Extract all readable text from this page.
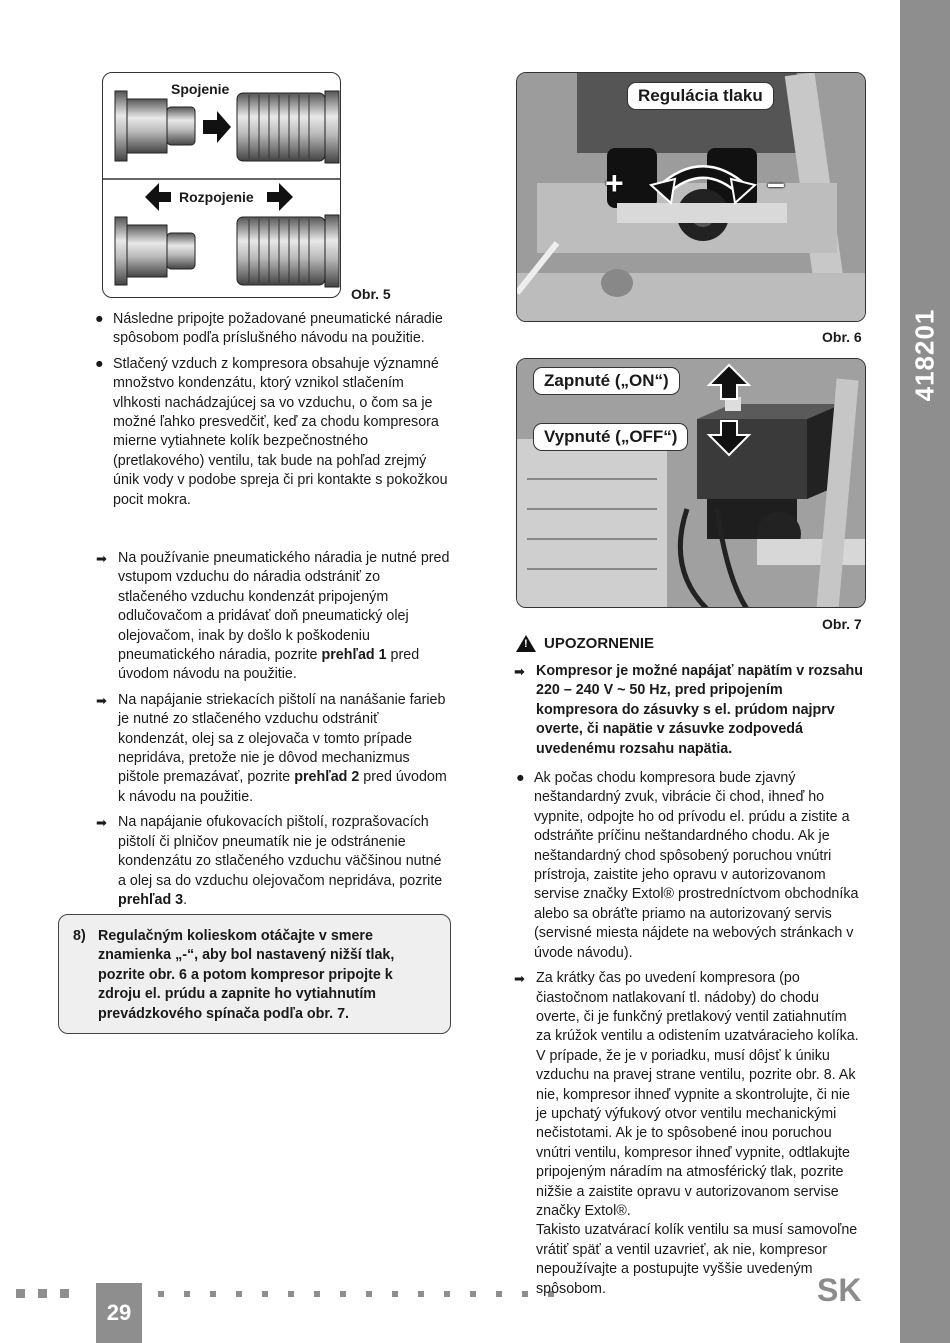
418201
SK
29
Spojenie
Rozpojenie
Obr. 5
Regulácia tlaku
+	–
Obr. 6
Zapnuté („ON“)
Vypnuté („OFF“)
Obr. 7
● Následne pripojte požadované pneumatické náradie spôsobom podľa príslušného návodu na použitie.
● Stlačený vzduch z kompresora obsahuje významné množstvo kondenzátu, ktorý vznikol stlačením vlhkosti nachádzajúcej sa vo vzduchu, o čom sa je možné ľahko presvedčiť, keď za chodu kompresora mierne vytiahnete kolík bezpečnostného (pretlakového) ventilu, tak bude na pohľad zrejmý únik vody v podobe spreja či pri kontakte s pokožkou pocit mokra.
➡ Na používanie pneumatického náradia je nutné pred vstupom vzduchu do náradia odstrániť zo stlačeného vzduchu kondenzát pripojeným odlučovačom a pridávať doň pneumatický olej olejovačom, inak by došlo k poškodeniu pneumatického náradia, pozrite prehľad 1 pred úvodom návodu na použitie.
➡ Na napájanie striekacích pištolí na nanášanie farieb je nutné zo stlačeného vzduchu odstrániť kondenzát, olej sa z olejovača v tomto prípade nepridáva, pretože nie je dôvod mechanizmus pištole premazávať, pozrite prehľad 2 pred úvodom k návodu na použitie.
➡ Na napájanie ofukovacích pištolí, rozprašovacích pištolí či plničov pneumatík nie je odstránenie kondenzátu zo stlačeného vzduchu väčšinou nutné a olej sa do vzduchu olejovačom nepridáva, pozrite prehľad 3.
8) Regulačným kolieskom otáčajte v smere znamienka „-“, aby bol nastavený nižší tlak, pozrite obr. 6 a potom kompresor pripojte k zdroju el. prúdu a zapnite ho vytiahnutím prevádzkového spínača podľa obr. 7.
! UPOZORNENIE
➡ Kompresor je možné napájať napätím v rozsahu 220 – 240 V ~ 50 Hz, pred pripojením kompresora do zásuvky s el. prúdom najprv overte, či napätie v zásuvke zodpovedá uvedenému rozsahu napätia.
● Ak počas chodu kompresora bude zjavný neštandardný zvuk, vibrácie či chod, ihneď ho vypnite, odpojte ho od prívodu el. prúdu a zistite a odstráňte príčinu neštandardného chodu. Ak je neštandardný chod spôsobený poruchou vnútri prístroja, zaistite jeho opravu v autorizovanom servise značky Extol® prostredníctvom obchodníka alebo sa obráťte priamo na autorizovaný servis (servisné miesta nájdete na webových stránkach v úvode návodu).
➡ Za krátky čas po uvedení kompresora (po čiastočnom natlakovaní tl. nádoby) do chodu overte, či je funkčný pretlakový ventil zatiahnutím za krúžok ventilu a odistením uzatváracieho kolíka. V prípade, že je v poriadku, musí dôjsť k úniku vzduchu na pravej strane ventilu, pozrite obr. 8. Ak nie, kompresor ihneď vypnite a skontrolujte, či nie je upchatý výfukový otvor ventilu mechanickými nečistotami. Ak je to spôsobené inou poruchou vnútri ventilu, kompresor ihneď vypnite, odtlakujte pripojeným náradím na atmosférický tlak, pozrite nižšie a zaistite opravu v autorizovanom servise značky Extol®.
Takisto uzatvárací kolík ventilu sa musí samovoľne vrátiť späť a ventil uzavrieť, ak nie, kompresor nepoužívajte a postupujte vyššie uvedeným spôsobom.
